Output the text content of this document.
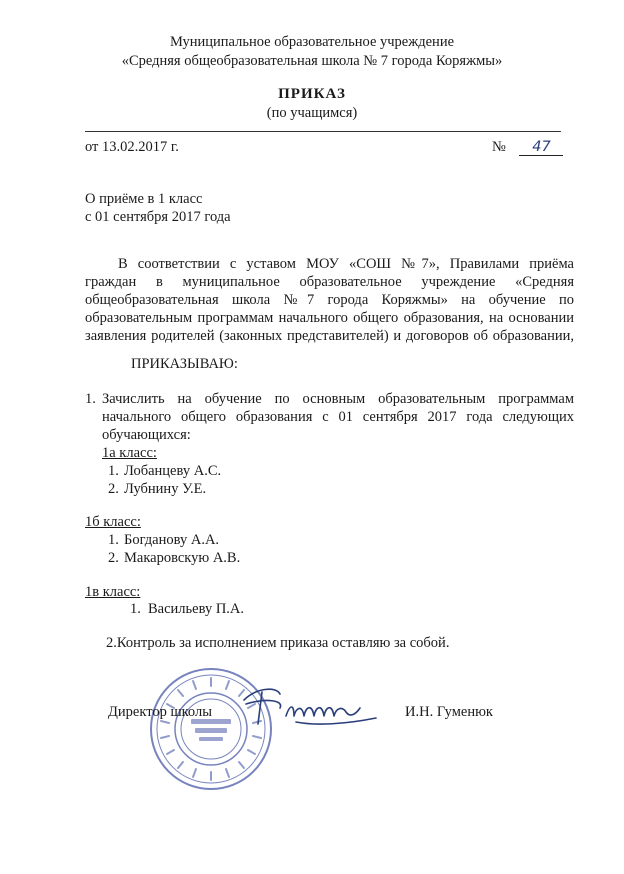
Муниципальное образовательное учреждение
«Средняя общеобразовательная школа № 7 города Коряжмы»
ПРИКАЗ
(по учащимся)
от 13.02.2017 г.	№ 47
О приёме в 1 класс
с 01 сентября 2017 года
В соответствии с уставом МОУ «СОШ №7», Правилами приёма
граждан в муниципальное образовательное учреждение «Средняя
общеобразовательная школа №7 города Коряжмы» на обучение по
образовательным программам начального общего образования, на основании
заявления родителей (законных представителей) и договоров об образовании,
ПРИКАЗЫВАЮ:
1. Зачислить на обучение по основным образовательным программам
начального общего образования с 01 сентября 2017 года следующих
обучающихся:
1а класс:
1. Лобанцеву А.С.
2. Лубнину У.Е.
1б класс:
1. Богданову А.А.
2. Макаровскую А.В.
1в класс:
1. Васильеву П.А.
2.Контроль за исполнением приказа оставляю за собой.
Директор школы	И.Н. Гуменюк
